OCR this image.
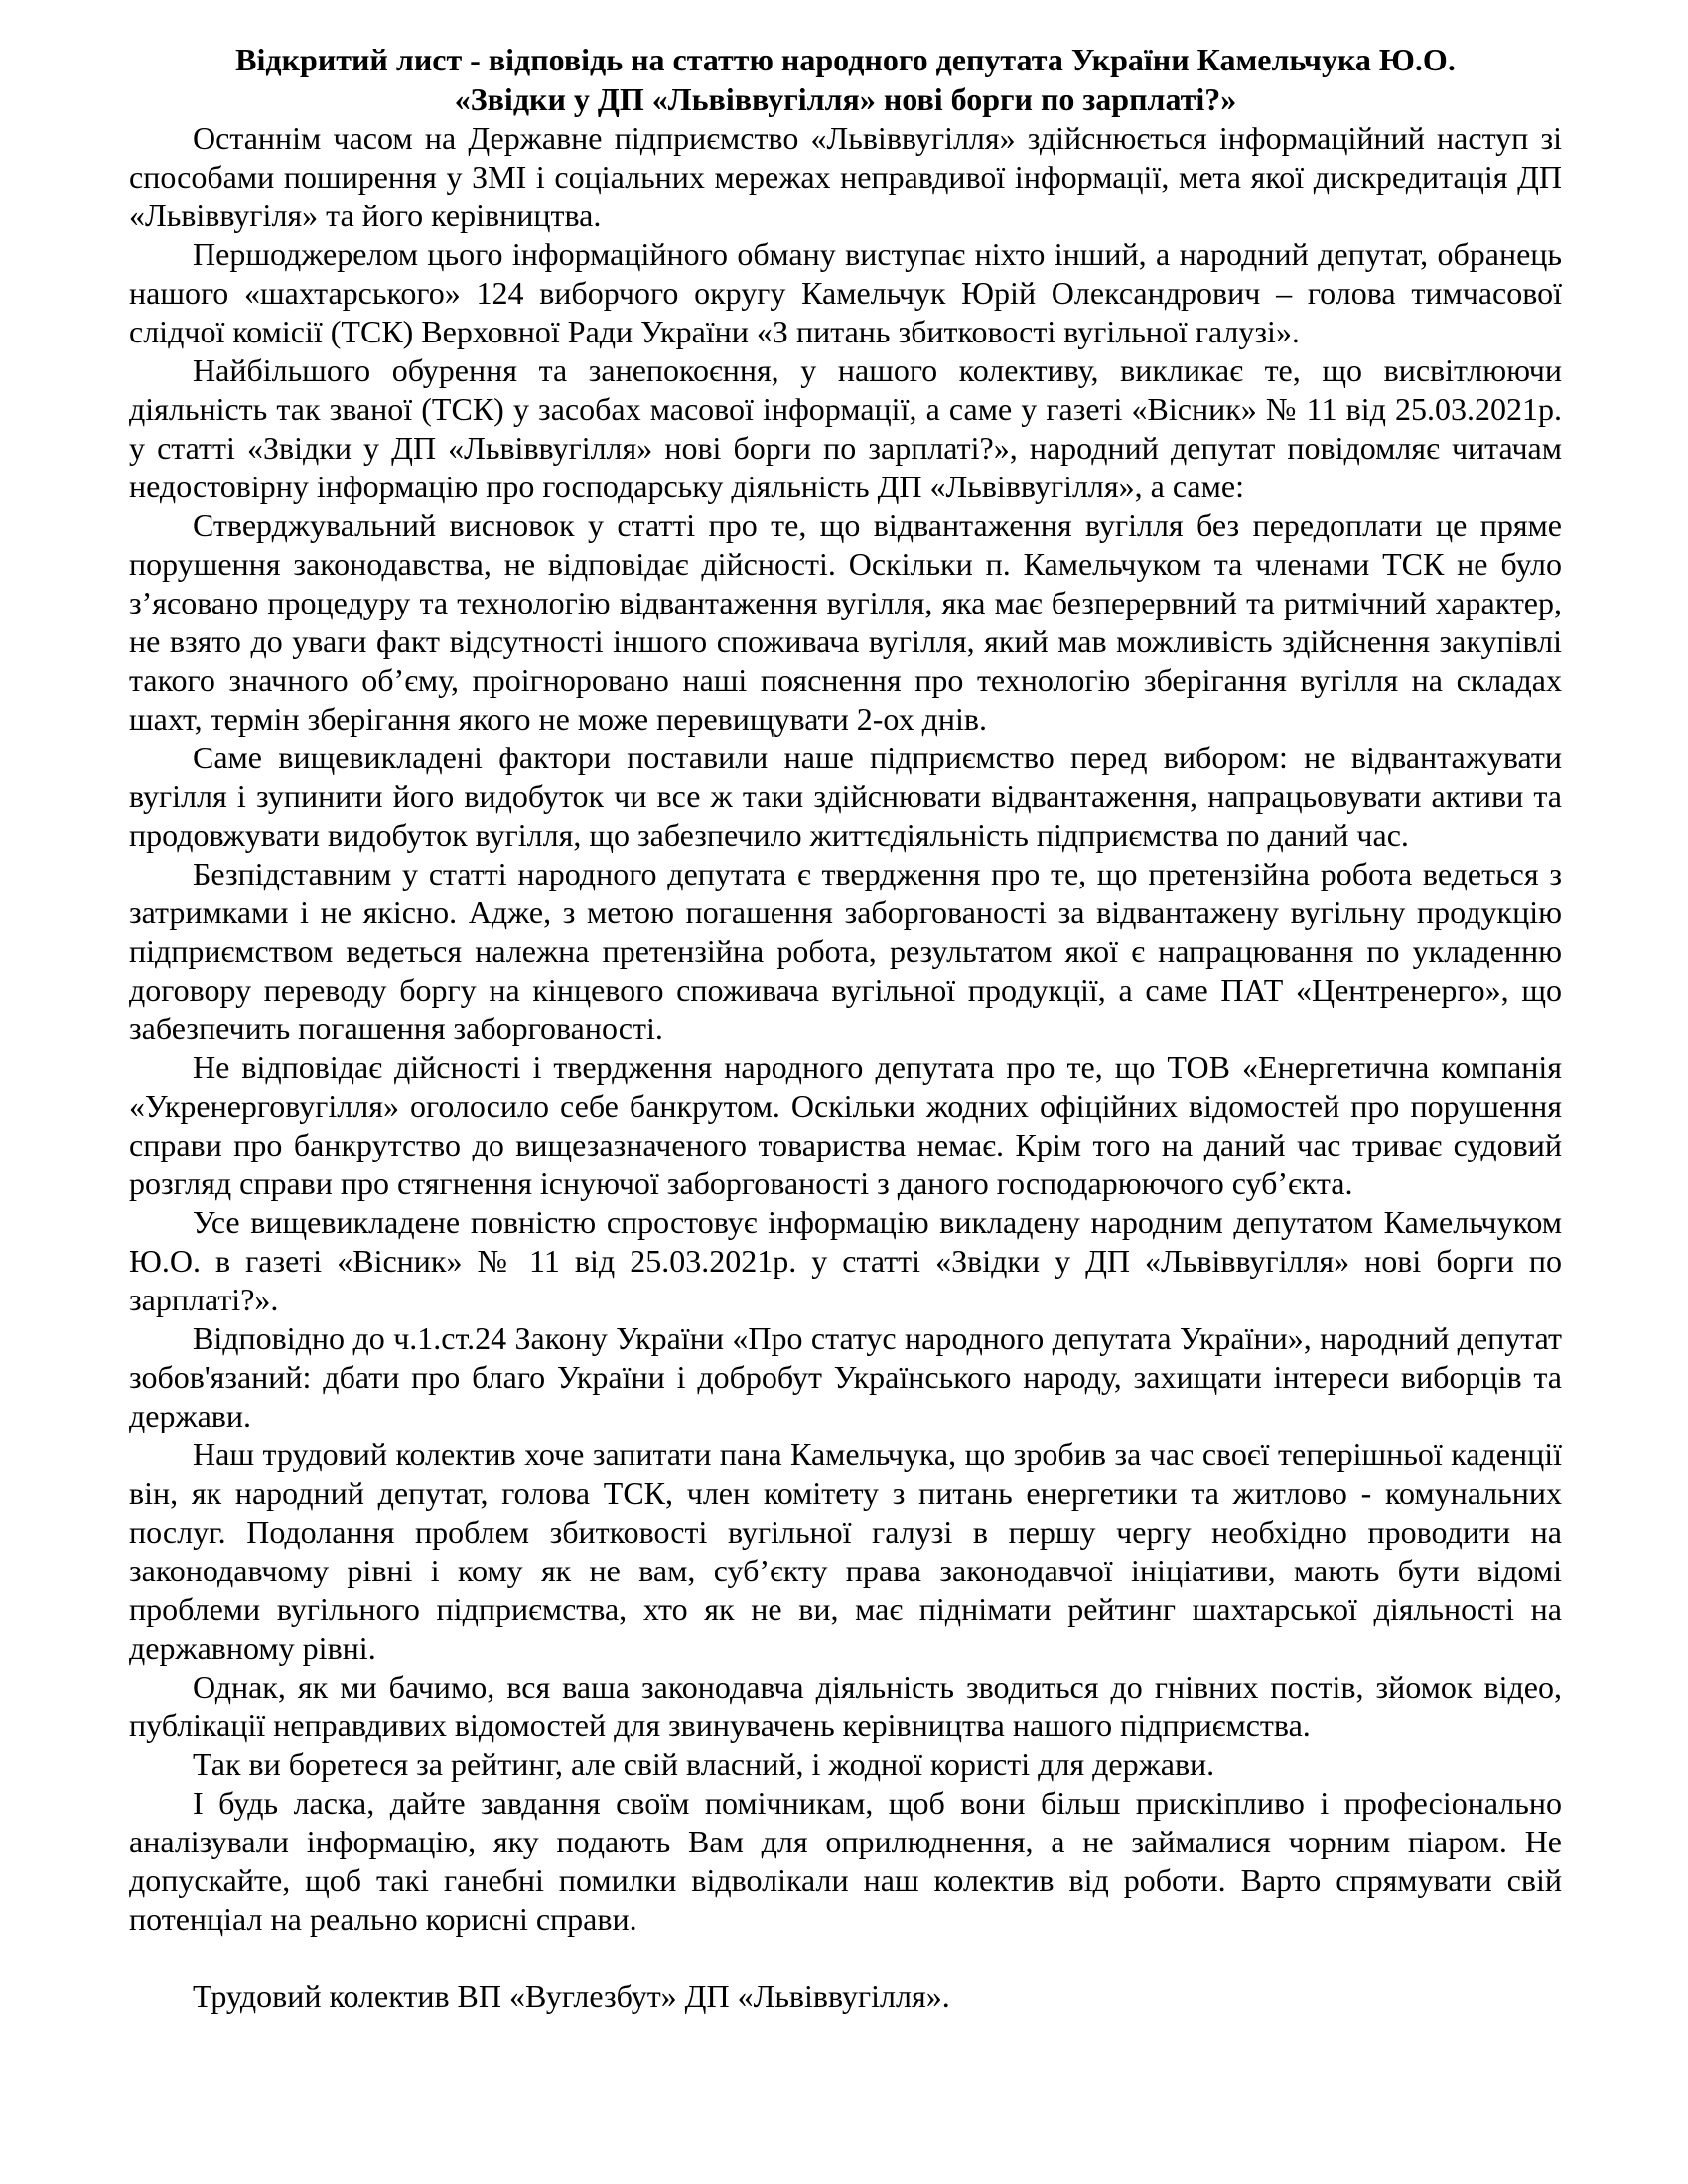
Відкритий лист - відповідь на статтю народного депутата України Камельчука Ю.О.
«Звідки у ДП «Львіввугілля» нові борги по зарплаті?»

Останнім часом на Державне підприємство «Львіввугілля» здійснюється інформаційний наступ зі способами поширення у ЗМІ і соціальних мережах неправдивої інформації, мета якої дискредитація ДП «Львіввугіля» та його керівництва.

Першоджерелом цього інформаційного обману виступає ніхто інший, а народний депутат, обранець нашого «шахтарського» 124 виборчого округу Камельчук Юрій Олександрович – голова тимчасової слідчої комісії (ТСК) Верховної Ради України «З питань збитковості вугільної галузі».

Найбільшого обурення та занепокоєння, у нашого колективу, викликає те, що висвітлюючи діяльність так званої (ТСК) у засобах масової інформації, а саме у газеті «Вісник» № 11 від 25.03.2021р. у статті «Звідки у ДП «Львіввугілля» нові борги по зарплаті?», народний депутат повідомляє читачам недостовірну інформацію про господарську діяльність ДП «Львіввугілля», а саме:

Стверджувальний висновок у статті про те, що відвантаження вугілля без передоплати це пряме порушення законодавства, не відповідає дійсності. Оскільки п. Камельчуком та членами ТСК не було з’ясовано процедуру та технологію відвантаження вугілля, яка має безперервний та ритмічний характер, не взято до уваги факт відсутності іншого споживача вугілля, який мав можливість здійснення закупівлі такого значного об’єму, проігноровано наші пояснення про технологію зберігання вугілля на складах шахт, термін зберігання якого не може перевищувати 2-ох днів.

Саме вищевикладені фактори поставили наше підприємство перед вибором: не відвантажувати вугілля і зупинити його видобуток чи все ж таки здійснювати відвантаження, напрацьовувати активи та продовжувати видобуток вугілля, що забезпечило життєдіяльність підприємства по даний час.

Безпідставним у статті народного депутата є твердження про те, що претензійна робота ведеться з затримками і не якісно. Адже, з метою погашення заборгованості за відвантажену вугільну продукцію підприємством ведеться належна претензійна робота, результатом якої є напрацювання по укладенню договору переводу боргу на кінцевого споживача вугільної продукції, а саме ПАТ «Центренерго», що забезпечить погашення заборгованості.

Не відповідає дійсності і твердження народного депутата про те, що ТОВ «Енергетична компанія «Укренерговугілля» оголосило себе банкрутом. Оскільки жодних офіційних відомостей про порушення справи про банкрутство до вищезазначеного товариства немає. Крім того на даний час триває судовий розгляд справи про стягнення існуючої заборгованості з даного господарюючого суб’єкта.

Усе вищевикладене повністю спростовує інформацію викладену народним депутатом Камельчуком Ю.О. в газеті «Вісник» № 11 від 25.03.2021р. у статті «Звідки у ДП «Львіввугілля» нові борги по зарплаті?».

Відповідно до ч.1.ст.24 Закону України «Про статус народного депутата України», народний депутат зобов'язаний: дбати про благо України і добробут Українського народу, захищати інтереси виборців та держави.

Наш трудовий колектив хоче запитати пана Камельчука, що зробив за час своєї теперішньої каденції він, як народний депутат, голова ТСК, член комітету з питань енергетики та житлово - комунальних послуг. Подолання проблем збитковості вугільної галузі в першу чергу необхідно проводити на законодавчому рівні і кому як не вам, суб’єкту права законодавчої ініціативи, мають бути відомі проблеми вугільного підприємства, хто як не ви, має піднімати рейтинг шахтарської діяльності на державному рівні.

Однак, як ми бачимо, вся ваша законодавча діяльність зводиться до гнівних постів, зйомок відео, публікації неправдивих відомостей для звинувачень керівництва нашого підприємства.

Так ви боретеся за рейтинг, але свій власний, і жодної користі для держави.

І будь ласка, дайте завдання своїм помічникам, щоб вони більш прискіпливо і професіонально аналізували інформацію, яку подають Вам для оприлюднення, а не займалися чорним піаром. Не допускайте, щоб такі ганебні помилки відволікали наш колектив від роботи. Варто спрямувати свій потенціал на реально корисні справи.

Трудовий колектив ВП «Вуглезбут» ДП «Львіввугілля».
